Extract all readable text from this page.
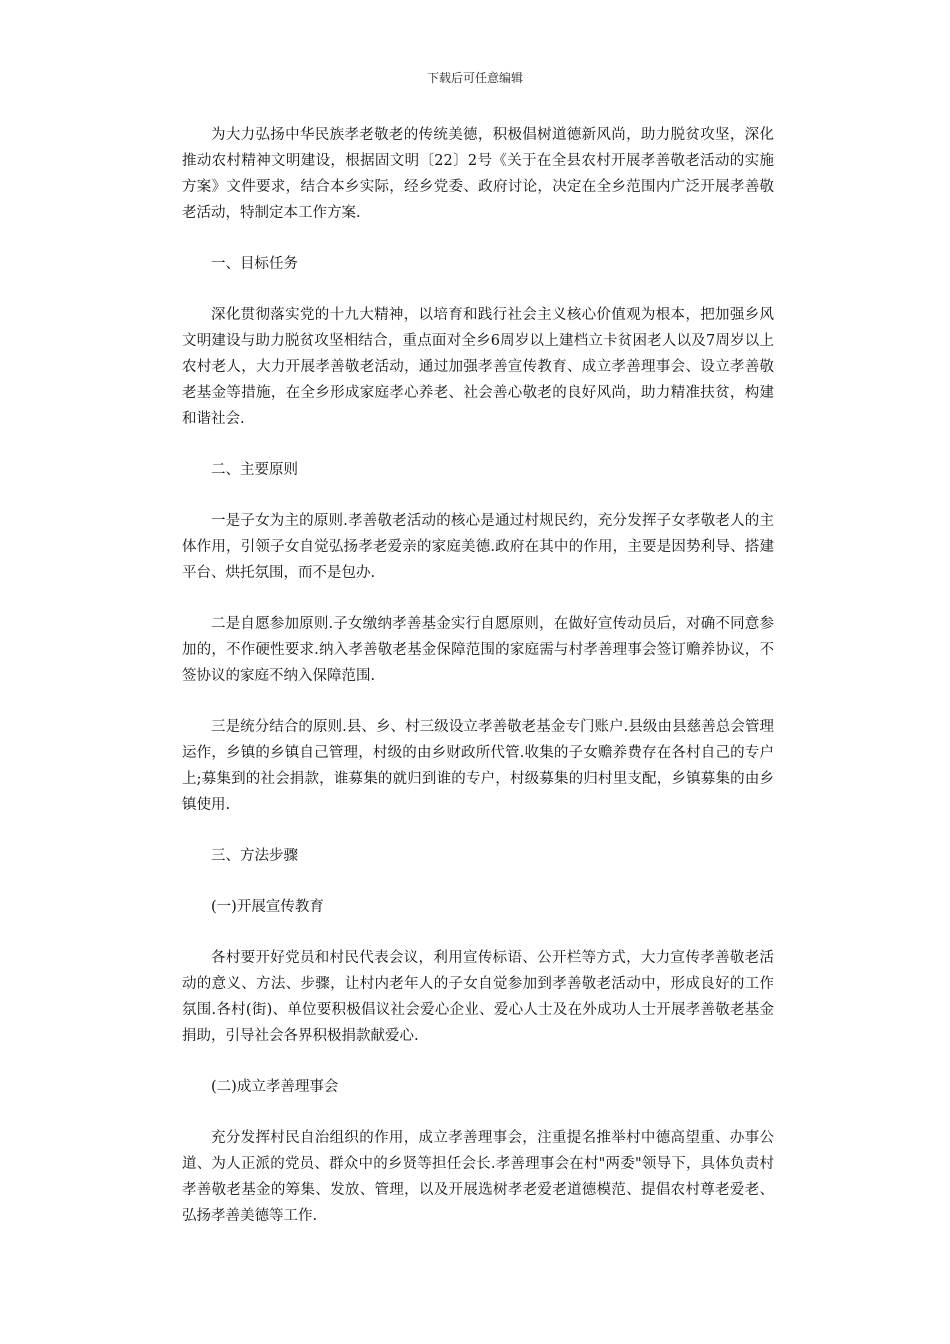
下载后可任意编辑

为大力弘扬中华民族孝老敬老的传统美德，积极倡树道德新风尚，助力脱贫攻坚，深化推动农村精神文明建设，根据固文明〔22〕2号《关于在全县农村开展孝善敬老活动的实施方案》文件要求，结合本乡实际，经乡党委、政府讨论，决定在全乡范围内广泛开展孝善敬老活动，特制定本工作方案.

一、目标任务

深化贯彻落实党的十九大精神，以培育和践行社会主义核心价值观为根本，把加强乡风文明建设与助力脱贫攻坚相结合，重点面对全乡6周岁以上建档立卡贫困老人以及7周岁以上农村老人，大力开展孝善敬老活动，通过加强孝善宣传教育、成立孝善理事会、设立孝善敬老基金等措施，在全乡形成家庭孝心养老、社会善心敬老的良好风尚，助力精准扶贫，构建和谐社会.

二、主要原则

一是子女为主的原则.孝善敬老活动的核心是通过村规民约，充分发挥子女孝敬老人的主体作用，引领子女自觉弘扬孝老爱亲的家庭美德.政府在其中的作用，主要是因势利导、搭建平台、烘托氛围，而不是包办.

二是自愿参加原则.子女缴纳孝善基金实行自愿原则，在做好宣传动员后，对确不同意参加的，不作硬性要求.纳入孝善敬老基金保障范围的家庭需与村孝善理事会签订赡养协议，不签协议的家庭不纳入保障范围.

三是统分结合的原则.县、乡、村三级设立孝善敬老基金专门账户.县级由县慈善总会管理运作，乡镇的乡镇自己管理，村级的由乡财政所代管.收集的子女赡养费存在各村自己的专户上;募集到的社会捐款，谁募集的就归到谁的专户，村级募集的归村里支配，乡镇募集的由乡镇使用.

三、方法步骤

(一)开展宣传教育

各村要开好党员和村民代表会议，利用宣传标语、公开栏等方式，大力宣传孝善敬老活动的意义、方法、步骤，让村内老年人的子女自觉参加到孝善敬老活动中，形成良好的工作氛围.各村(街)、单位要积极倡议社会爱心企业、爱心人士及在外成功人士开展孝善敬老基金捐助，引导社会各界积极捐款献爱心.

(二)成立孝善理事会

充分发挥村民自治组织的作用，成立孝善理事会，注重提名推举村中德高望重、办事公道、为人正派的党员、群众中的乡贤等担任会长.孝善理事会在村"两委"领导下，具体负责村孝善敬老基金的筹集、发放、管理，以及开展选树孝老爱老道德模范、提倡农村尊老爱老、弘扬孝善美德等工作.
